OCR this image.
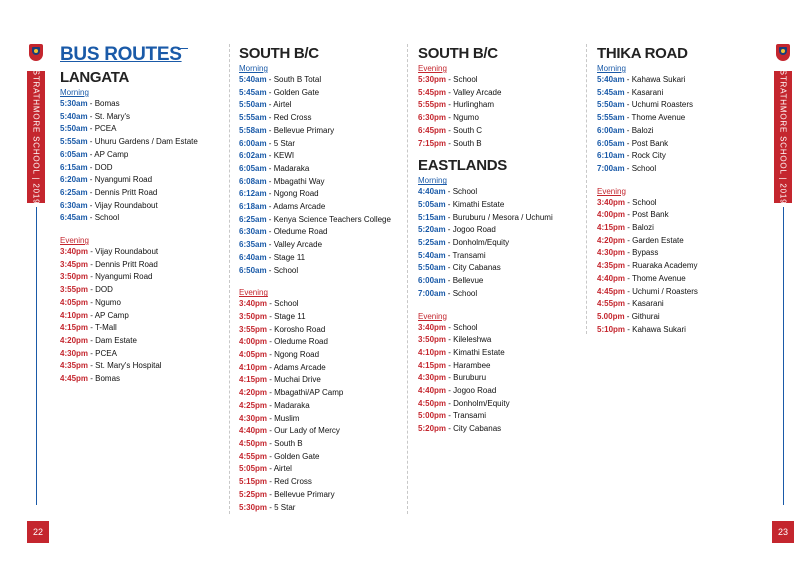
STRATHMORE SCHOOL | 2019
22
STRATHMORE SCHOOL | 2019
23
BUS ROUTES
LANGATA
Morning
5:30am - Bomas
5:40am - St. Mary's
5:50am - PCEA
5:55am - Uhuru Gardens / Dam Estate
6:05am - AP Camp
6:15am - DOD
6:20am - Nyangumi Road
6:25am - Dennis Pritt Road
6:30am - Vijay Roundabout
6:45am - School
Evening
3:40pm - Vijay Roundabout
3:45pm - Dennis Pritt Road
3:50pm - Nyangumi Road
3:55pm - DOD
4:05pm - Ngumo
4:10pm - AP Camp
4:15pm - T-Mall
4:20pm - Dam Estate
4:30pm - PCEA
4:35pm - St. Mary's Hospital
4:45pm - Bomas
SOUTH B/C
Morning
5:40am - South B Total
5:45am - Golden Gate
5:50am - Airtel
5:55am - Red Cross
5:58am - Bellevue Primary
6:00am - 5 Star
6:02am - KEWI
6:05am - Madaraka
6:08am - Mbagathi Way
6:12am - Ngong Road
6:18am - Adams Arcade
6:25am - Kenya Science Teachers College
6:30am - Oledume Road
6:35am - Valley Arcade
6:40am - Stage 11
6:50am - School
Evening
3:40pm - School
3:50pm - Stage 11
3:55pm - Korosho Road
4:00pm - Oledume Road
4:05pm - Ngong Road
4:10pm - Adams Arcade
4:15pm - Muchai Drive
4:20pm - Mbagathi/AP Camp
4:25pm - Madaraka
4:30pm - Muslim
4:40pm - Our Lady of Mercy
4:50pm - South B
4:55pm - Golden Gate
5:05pm - Airtel
5:15pm - Red Cross
5:25pm - Bellevue Primary
5:30pm - 5 Star
SOUTH B/C
Evening
5:30pm - School
5:45pm - Valley Arcade
5:55pm - Hurlingham
6:30pm - Ngumo
6:45pm - South C
7:15pm - South B
EASTLANDS
Morning
4:40am - School
5:05am - Kimathi Estate
5:15am - Buruburu / Mesora / Uchumi
5:20am - Jogoo Road
5:25am - Donholm/Equity
5:40am - Transami
5:50am - City Cabanas
6:00am - Bellevue
7:00am - School
Evening
3:40pm - School
3:50pm - Kileleshwa
4:10pm - Kimathi Estate
4:15pm - Harambee
4:30pm - Buruburu
4:40pm - Jogoo Road
4:50pm - Donholm/Equity
5:00pm - Transami
5:20pm - City Cabanas
THIKA ROAD
Morning
5:40am - Kahawa Sukari
5:45am - Kasarani
5:50am - Uchumi Roasters
5:55am - Thome Avenue
6:00am - Balozi
6:05am - Post Bank
6:10am - Rock City
7:00am - School
Evening
3:40pm - School
4:00pm - Post Bank
4:15pm - Balozi
4:20pm - Garden Estate
4:30pm - Bypass
4:35pm - Ruaraka Academy
4:40pm - Thome Avenue
4:45pm - Uchumi / Roasters
4:55pm - Kasarani
5.00pm - Githurai
5:10pm - Kahawa Sukari
